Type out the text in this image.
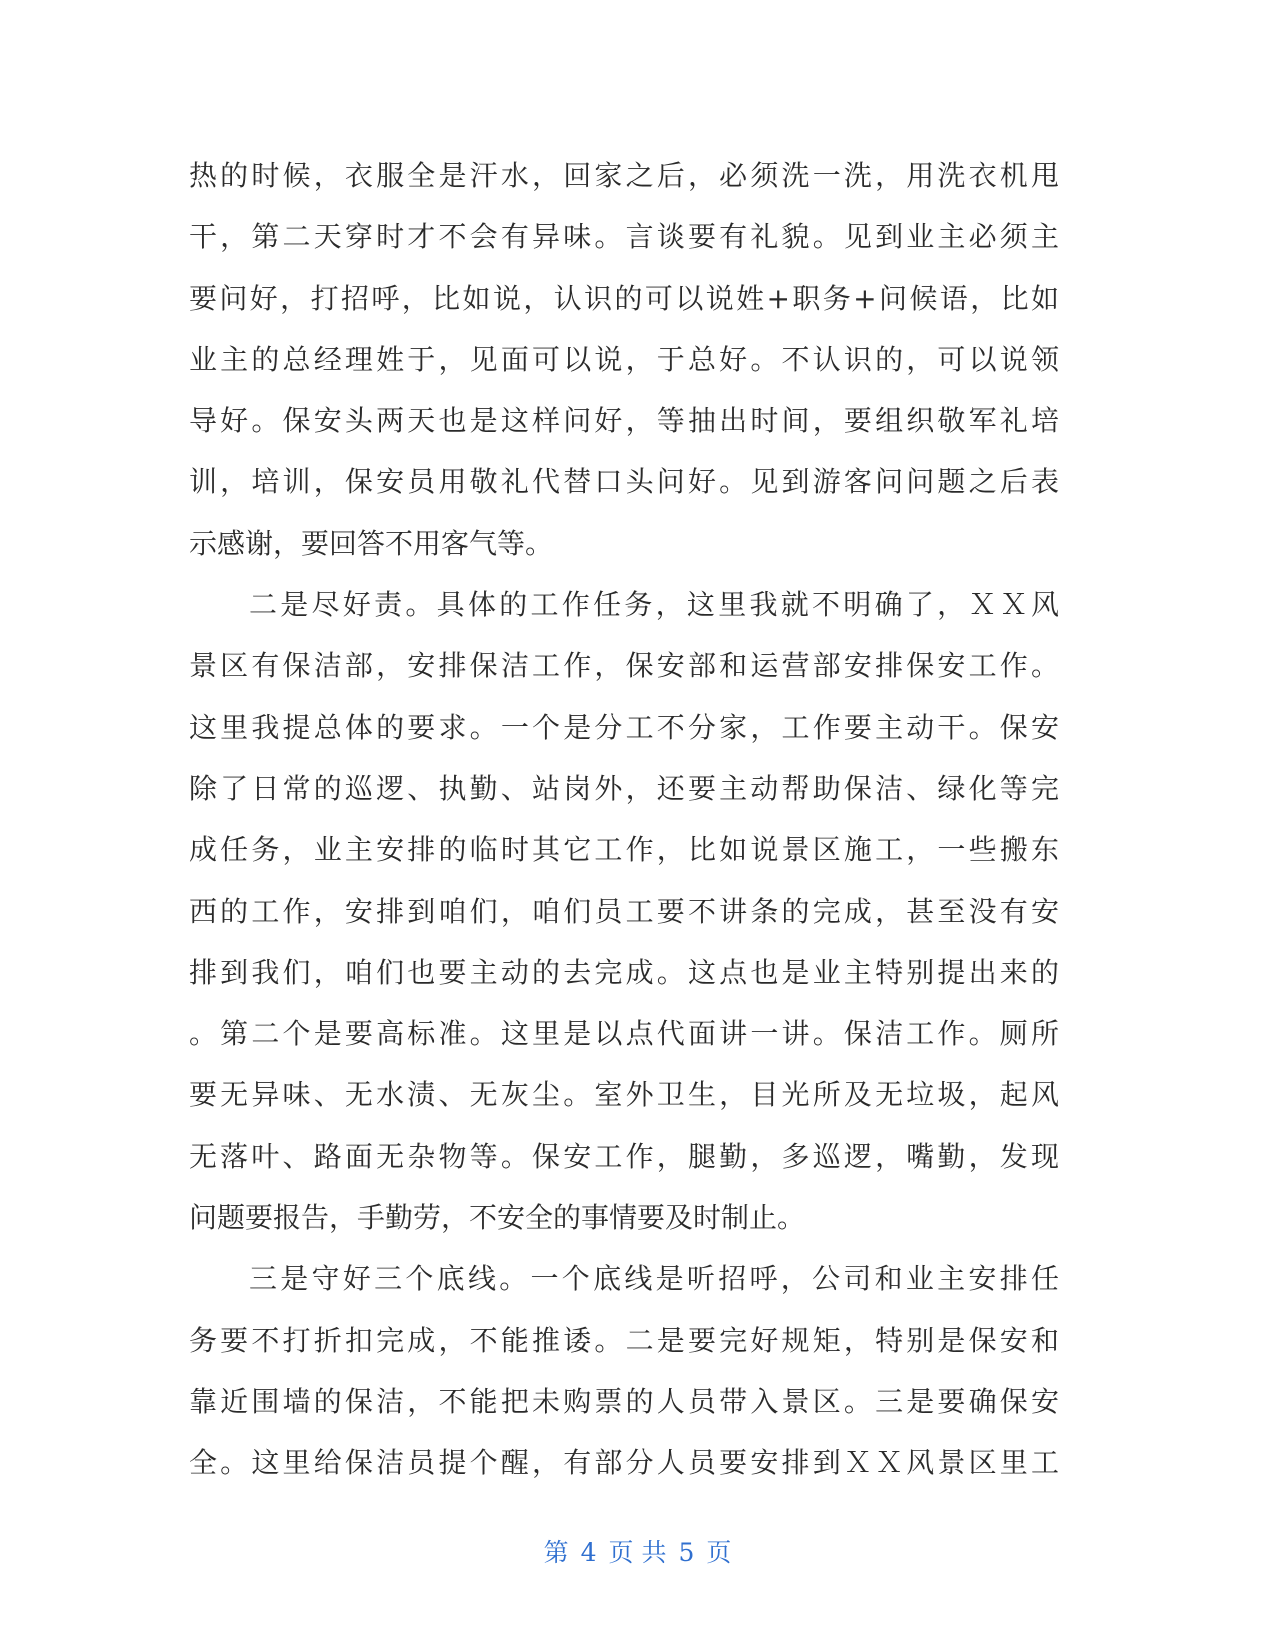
热的时候，衣服全是汗水，回家之后，必须洗一洗，用洗衣机甩
干，第二天穿时才不会有异味。言谈要有礼貌。见到业主必须主
要问好，打招呼，比如说，认识的可以说姓+职务+问候语，比如
业主的总经理姓于，见面可以说，于总好。不认识的，可以说领
导好。保安头两天也是这样问好，等抽出时间，要组织敬军礼培
训，培训，保安员用敬礼代替口头问好。见到游客问问题之后表
示感谢，要回答不用客气等。
二是尽好责。具体的工作任务，这里我就不明确了，ＸＸ风
景区有保洁部，安排保洁工作，保安部和运营部安排保安工作。
这里我提总体的要求。一个是分工不分家，工作要主动干。保安
除了日常的巡逻、执勤、站岗外，还要主动帮助保洁、绿化等完
成任务，业主安排的临时其它工作，比如说景区施工，一些搬东
西的工作，安排到咱们，咱们员工要不讲条的完成，甚至没有安
排到我们，咱们也要主动的去完成。这点也是业主特别提出来的
。第二个是要高标准。这里是以点代面讲一讲。保洁工作。厕所
要无异味、无水渍、无灰尘。室外卫生，目光所及无垃圾，起风
无落叶、路面无杂物等。保安工作，腿勤，多巡逻，嘴勤，发现
问题要报告，手勤劳，不安全的事情要及时制止。
三是守好三个底线。一个底线是听招呼，公司和业主安排任
务要不打折扣完成，不能推诿。二是要完好规矩，特别是保安和
靠近围墙的保洁，不能把未购票的人员带入景区。三是要确保安
全。这里给保洁员提个醒，有部分人员要安排到ＸＸ风景区里工
第 4 页 共 5 页
